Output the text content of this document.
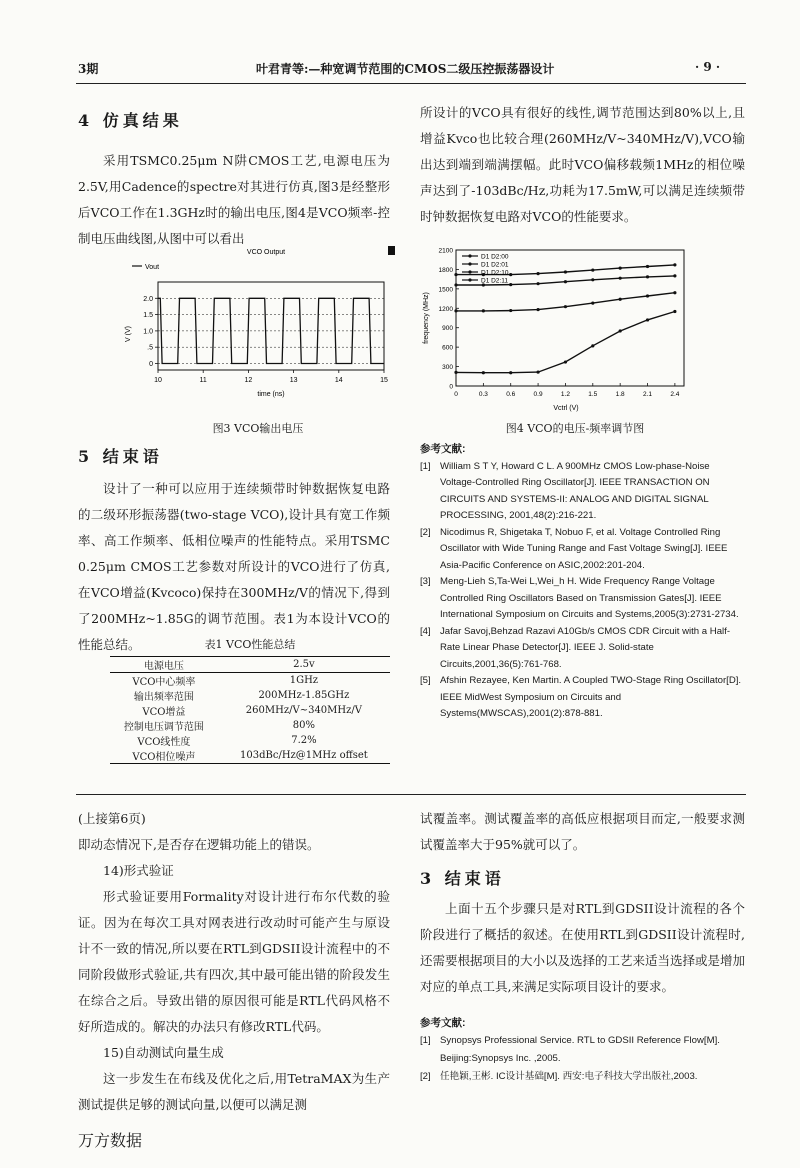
3期	叶君青等:—种宽调节范围的CMOS二级压控振荡器设计	· 9 ·
4 仿真结果

采用TSMC0.25μm N阱CMOS工艺,电源电压为2.5V,用Cadence的spectre对其进行仿真,图3是经整形后VCO工作在1.3GHz时的输出电压,图4是VCO频率-控制电压曲线图,从图中可以看出

VCO Output
Vout
10	11	12	13	14	15
0
.5
1.0
1.5
2.0
V (V)
time (ns)
图3 VCO输出电压
5 结束语

设计了一种可以应用于连续频带时钟数据恢复电路的二级环形振荡器(two-stage VCO),设计具有宽工作频率、高工作频率、低相位噪声的性能特点。采用TSMC 0.25μm CMOS工艺参数对所设计的VCO进行了仿真,在VCO增益(Kvcoco)保持在300MHz/V的情况下,得到了200MHz~1.85G的调节范围。表1为本设计VCO的性能总结。	表1 VCO性能总结
电源电压	2.5v
VCO中心频率	1GHz
输出频率范围	200MHz-1.85GHz
VCO增益	260MHz/V~340MHz/V
控制电压调节范围	80%
VCO线性度	7.2%
VCO相位噪声	103dBc/Hz@1MHz offset

所设计的VCO具有很好的线性,调节范围达到80%以上,且增益Kvco也比较合理(260MHz/V~340MHz/V),VCO输出达到端到端满摆幅。此时VCO偏移载频1MHz的相位噪声达到了-103dBc/Hz,功耗为17.5mW,可以满足连续频带时钟数据恢复电路对VCO的性能要求。

0	0.3	0.6	0.9	1.2	1.5	1.8	2.1	2.4
0
300
600
900
1200
1500
1800
2100
D1 D2:00
D1 D2:01
D1 D2:10
D1 D2:11
frequency (MHz)
Vctrl (V)
图4 VCO的电压-频率调节图
参考文献:
[1] William S T Y, Howard C L. A 900MHz CMOS Low-phase-Noise Voltage-Controlled Ring Oscillator[J]. IEEE TRANSACTION ON CIRCUITS AND SYSTEMS-II: ANALOG AND DIGITAL SIGNAL PROCESSING, 2001,48(2):216-221.
[2] Nicodimus R, Shigetaka T, Nobuo F, et al. Voltage Controlled Ring Oscillator with Wide Tuning Range and Fast Voltage Swing[J]. IEEE Asia-Pacific Conference on ASIC,2002:201-204.
[3] Meng-Lieh S,Ta-Wei L,Wei_h H. Wide Frequency Range Voltage Controlled Ring Oscillators Based on Transmission Gates[J]. IEEE International Symposium on Circuits and Systems,2005(3):2731-2734.
[4] Jafar Savoj,Behzad Razavi A10Gb/s CMOS CDR Circuit with a Half-Rate Linear Phase Detector[J]. IEEE J. Solid-state Circuits,2001,36(5):761-768.
[5] Afshin Rezayee, Ken Martin. A Coupled TWO-Stage Ring Oscillator[D]. IEEE MidWest Symposium on Circuits and Systems(MWSCAS),2001(2):878-881.

(上接第6页)

即动态情况下,是否存在逻辑功能上的错误。

14)形式验证

形式验证要用Formality对设计进行布尔代数的验证。因为在每次工具对网表进行改动时可能产生与原设计不一致的情况,所以要在RTL到GDSII设计流程中的不同阶段做形式验证,共有四次,其中最可能出错的阶段发生在综合之后。导致出错的原因很可能是RTL代码风格不好所造成的。解决的办法只有修改RTL代码。

15)自动测试向量生成

这一步发生在布线及优化之后,用TetraMAX为生产测试提供足够的测试向量,以便可以满足测

试覆盖率。测试覆盖率的高低应根据项目而定,一般要求测试覆盖率大于95%就可以了。

3 结束语

上面十五个步骤只是对RTL到GDSII设计流程的各个阶段进行了概括的叙述。在使用RTL到GDSII设计流程时,还需要根据项目的大小以及选择的工艺来适当选择或是增加对应的单点工具,来满足实际项目设计的要求。

参考文献:
[1] Synopsys Professional Service. RTL to GDSII Reference Flow[M]. Beijing:Synopsys Inc. ,2005.
[2] 任艳颖,王彬. IC设计基础[M]. 西安:电子科技大学出版社,2003.
万方数据
